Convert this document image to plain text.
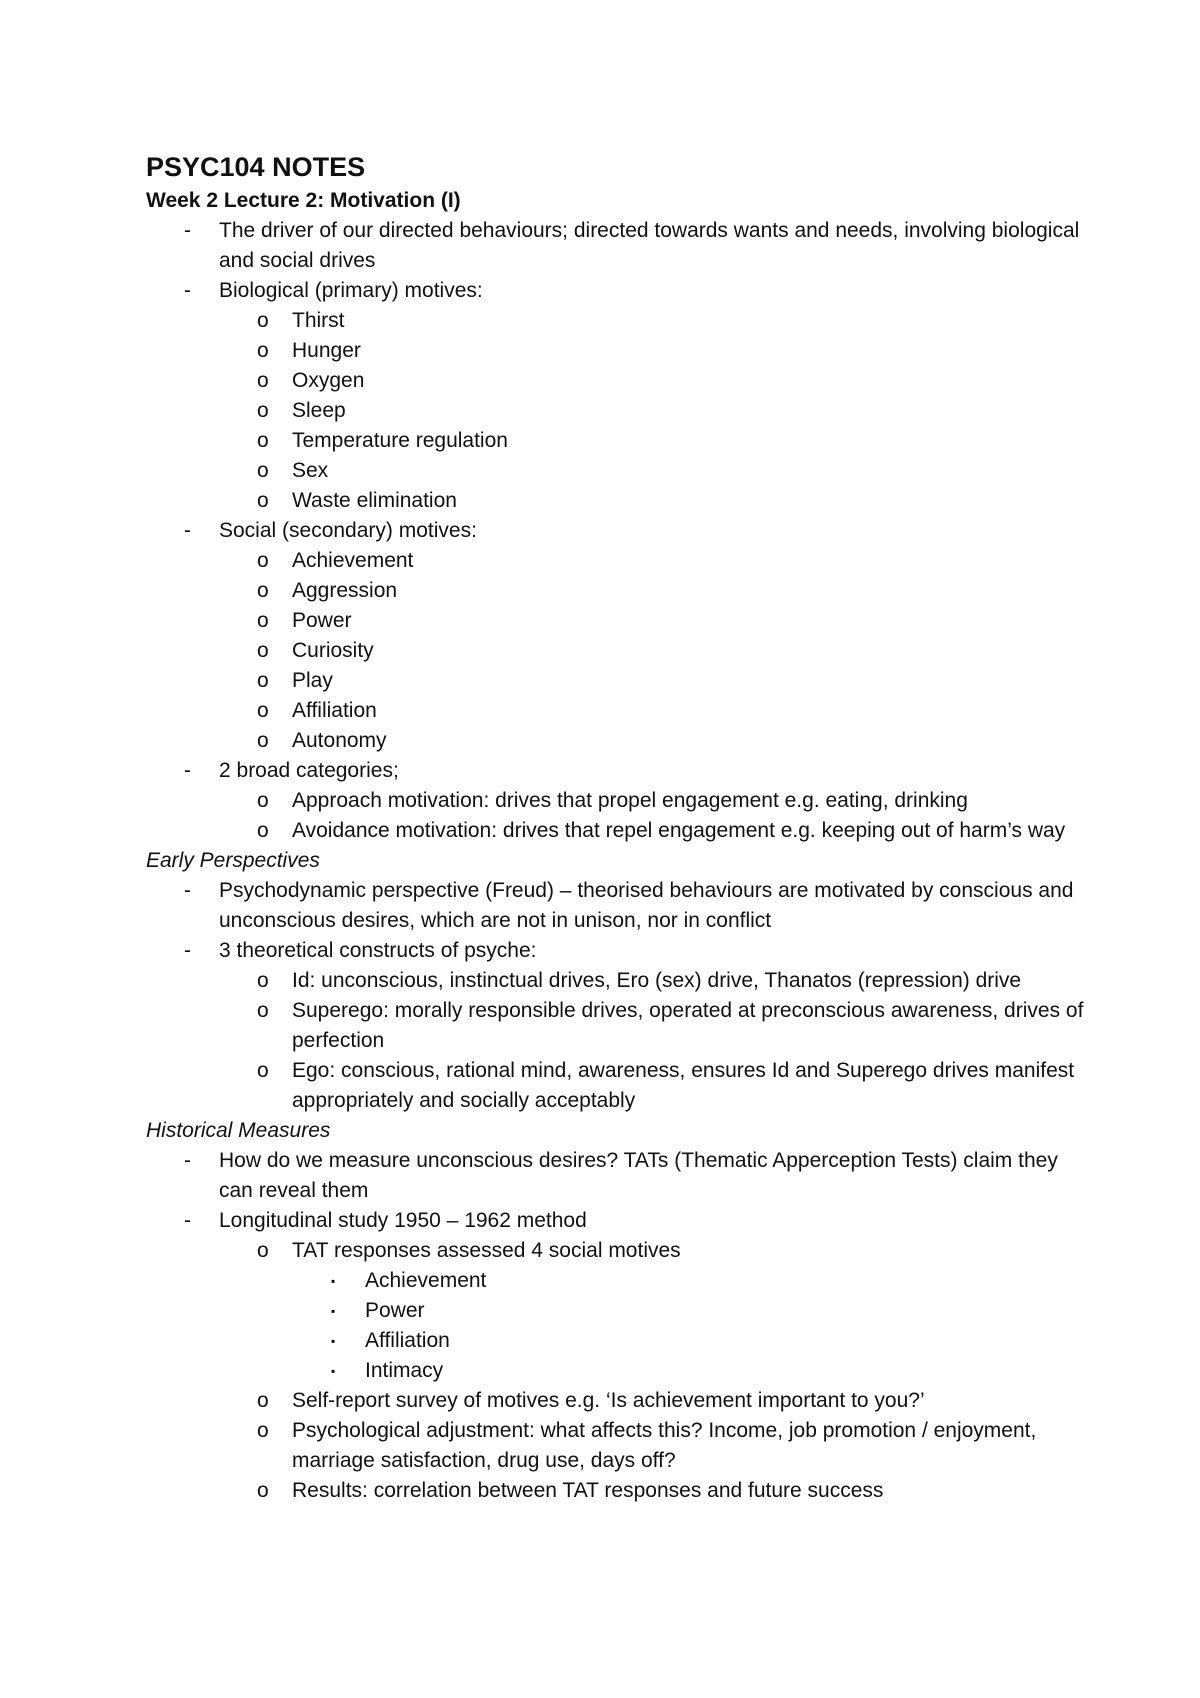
PSYC104 NOTES
Week 2 Lecture 2: Motivation (I)
- The driver of our directed behaviours; directed towards wants and needs, involving biological and social drives
- Biological (primary) motives:
o Thirst
o Hunger
o Oxygen
o Sleep
o Temperature regulation
o Sex
o Waste elimination
- Social (secondary) motives:
o Achievement
o Aggression
o Power
o Curiosity
o Play
o Affiliation
o Autonomy
- 2 broad categories;
o Approach motivation: drives that propel engagement e.g. eating, drinking
o Avoidance motivation: drives that repel engagement e.g. keeping out of harm’s way
Early Perspectives
- Psychodynamic perspective (Freud) – theorised behaviours are motivated by conscious and unconscious desires, which are not in unison, nor in conflict
- 3 theoretical constructs of psyche:
o Id: unconscious, instinctual drives, Ero (sex) drive, Thanatos (repression) drive
o Superego: morally responsible drives, operated at preconscious awareness, drives of perfection
o Ego: conscious, rational mind, awareness, ensures Id and Superego drives manifest appropriately and socially acceptably
Historical Measures
- How do we measure unconscious desires? TATs (Thematic Apperception Tests) claim they can reveal them
- Longitudinal study 1950 – 1962 method
o TAT responses assessed 4 social motives
▪ Achievement
▪ Power
▪ Affiliation
▪ Intimacy
o Self-report survey of motives e.g. ‘Is achievement important to you?’
o Psychological adjustment: what affects this? Income, job promotion / enjoyment, marriage satisfaction, drug use, days off?
o Results: correlation between TAT responses and future success
